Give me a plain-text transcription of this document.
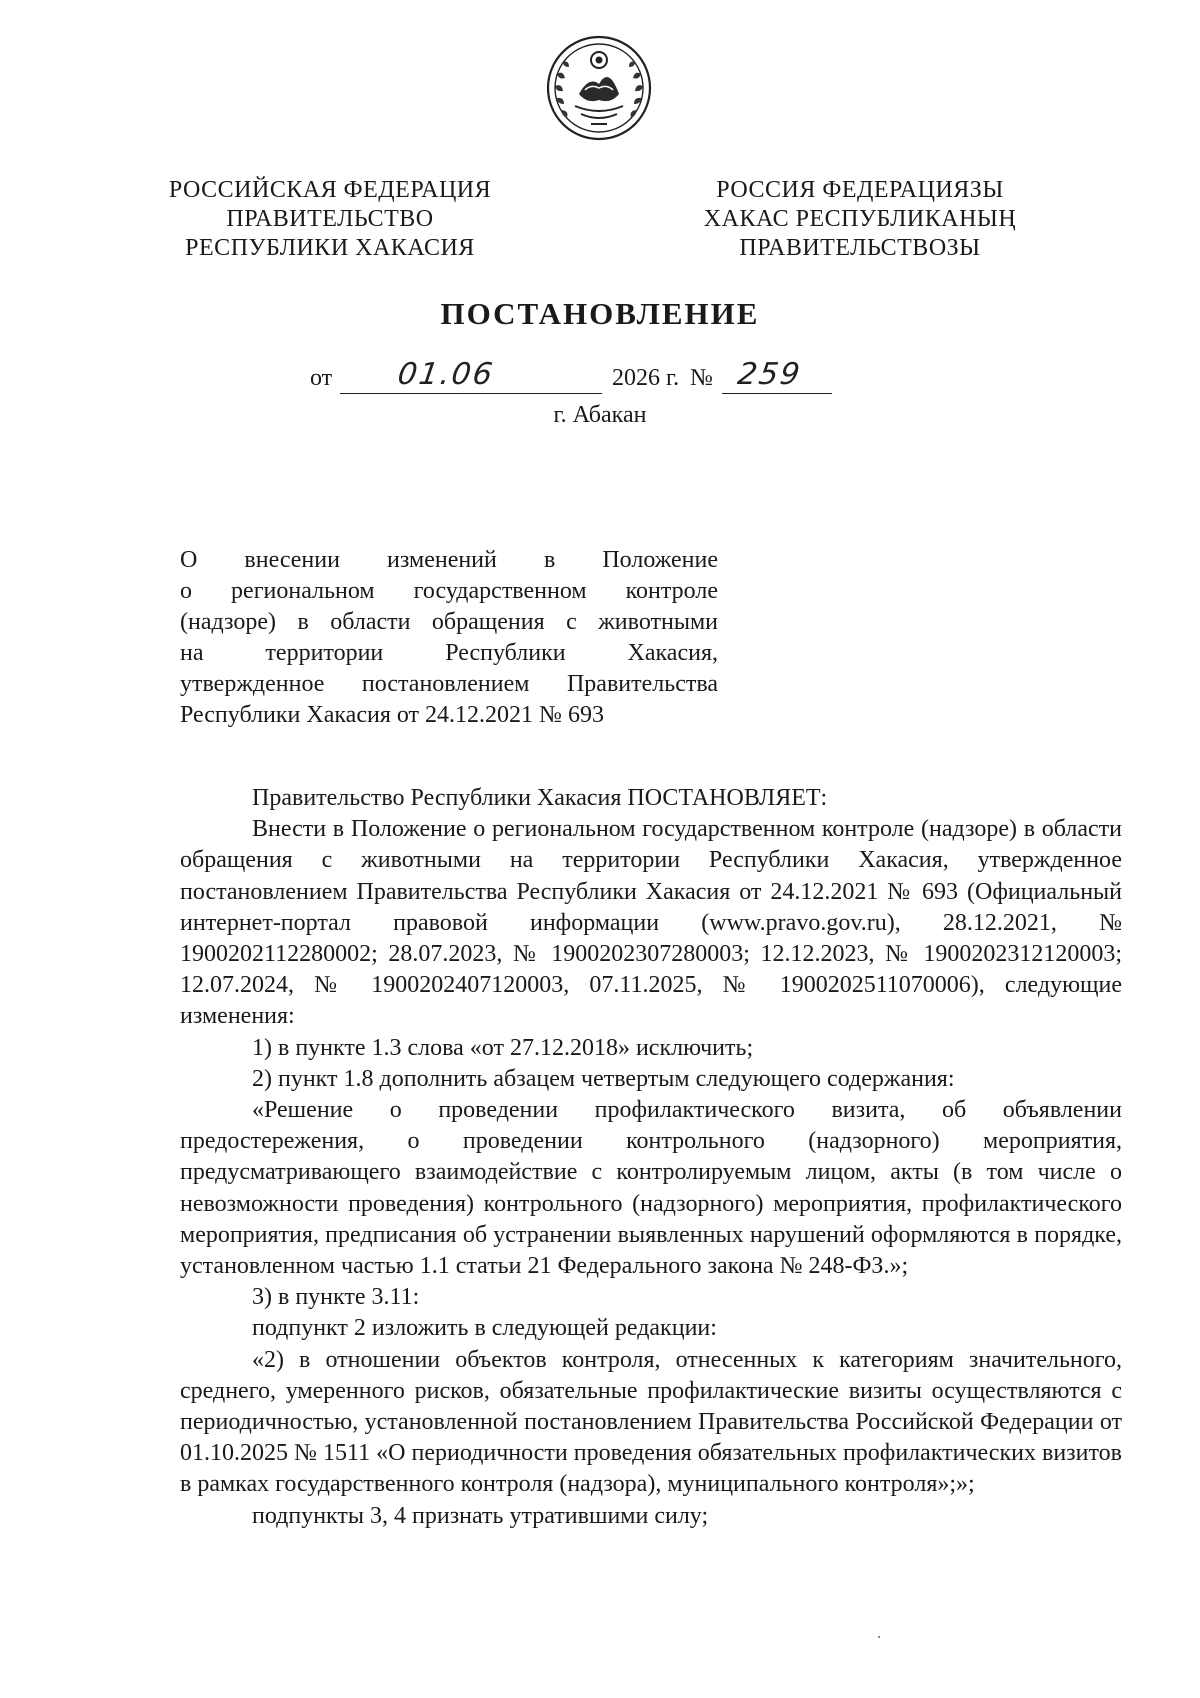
РОССИЙСКАЯ ФЕДЕРАЦИЯ
ПРАВИТЕЛЬСТВО
РЕСПУБЛИКИ ХАКАСИЯ
РОССИЯ ФЕДЕРАЦИЯЗЫ
ХАКАС РЕСПУБЛИКАНЫҢ
ПРАВИТЕЛЬСТВОЗЫ
ПОСТАНОВЛЕНИЕ
от 01.06	2026 г. № 259
г. Абакан
О внесении изменений в Положение
о региональном государственном контроле
(надзоре) в области обращения с животными
на территории Республики Хакасия,
утвержденное постановлением Правительства
Республики Хакасия от 24.12.2021 № 693

Правительство Республики Хакасия ПОСТАНОВЛЯЕТ:

Внести в Положение о региональном государственном контроле (надзоре) в области обращения с животными на территории Республики Хакасия, утвержденное постановлением Правительства Республики Хакасия от 24.12.2021 № 693 (Официальный интернет-портал правовой информации (www.pravo.gov.ru), 28.12.2021, № 1900202112280002; 28.07.2023, № 1900202307280003; 12.12.2023, № 1900202312120003; 12.07.2024, № 1900202407120003, 07.11.2025, № 1900202511070006), следующие изменения:

1) в пункте 1.3 слова «от 27.12.2018» исключить;

2) пункт 1.8 дополнить абзацем четвертым следующего содержания:

«Решение о проведении профилактического визита, об объявлении предостережения, о проведении контрольного (надзорного) мероприятия, предусматривающего взаимодействие с контролируемым лицом, акты (в том числе о невозможности проведения) контрольного (надзорного) мероприятия, профилактического мероприятия, предписания об устранении выявленных нарушений оформляются в порядке, установленном частью 1.1 статьи 21 Федерального закона № 248-ФЗ.»;

3) в пункте 3.11:

подпункт 2 изложить в следующей редакции:

«2) в отношении объектов контроля, отнесенных к категориям значительного, среднего, умеренного рисков, обязательные профилактические визиты осуществляются с периодичностью, установленной постановлением Правительства Российской Федерации от 01.10.2025 № 1511 «О периодичности проведения обязательных профилактических визитов в рамках государственного контроля (надзора), муниципального контроля»;»;

подпункты 3, 4 признать утратившими силу;
